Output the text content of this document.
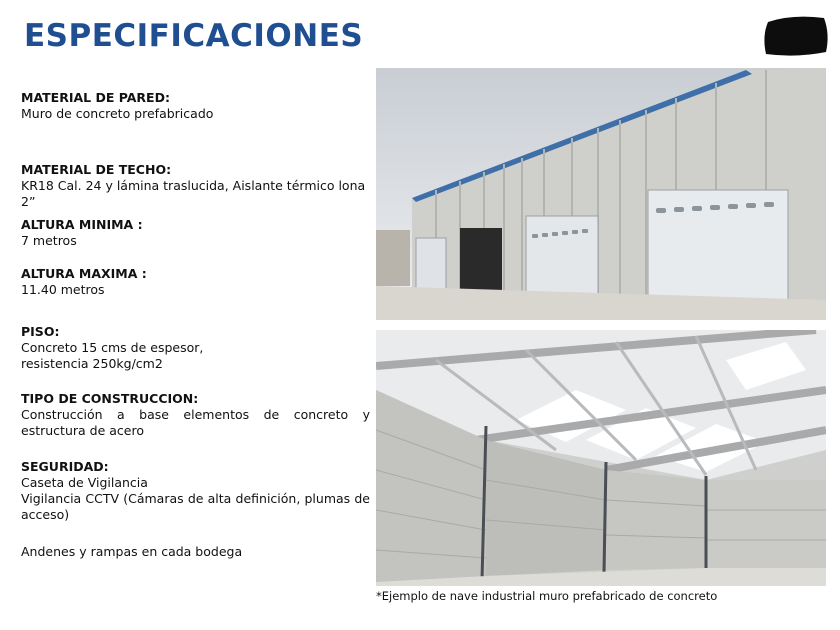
ESPECIFICACIONES
MATERIAL DE PARED:
Muro de concreto prefabricado
MATERIAL DE TECHO:
KR18 Cal. 24 y lámina traslucida, Aislante térmico lona 2”
ALTURA MINIMA :
7 metros
ALTURA MAXIMA :
11.40 metros
PISO:
Concreto 15 cms de espesor,
resistencia 250kg/cm2
TIPO DE CONSTRUCCION:
Construcción a base elementos de concreto y estructura de acero
SEGURIDAD:
Caseta de Vigilancia
Vigilancia CCTV (Cámaras de alta definición, plumas de acceso)
Andenes y rampas en cada bodega
*Ejemplo de nave industrial muro prefabricado de concreto
